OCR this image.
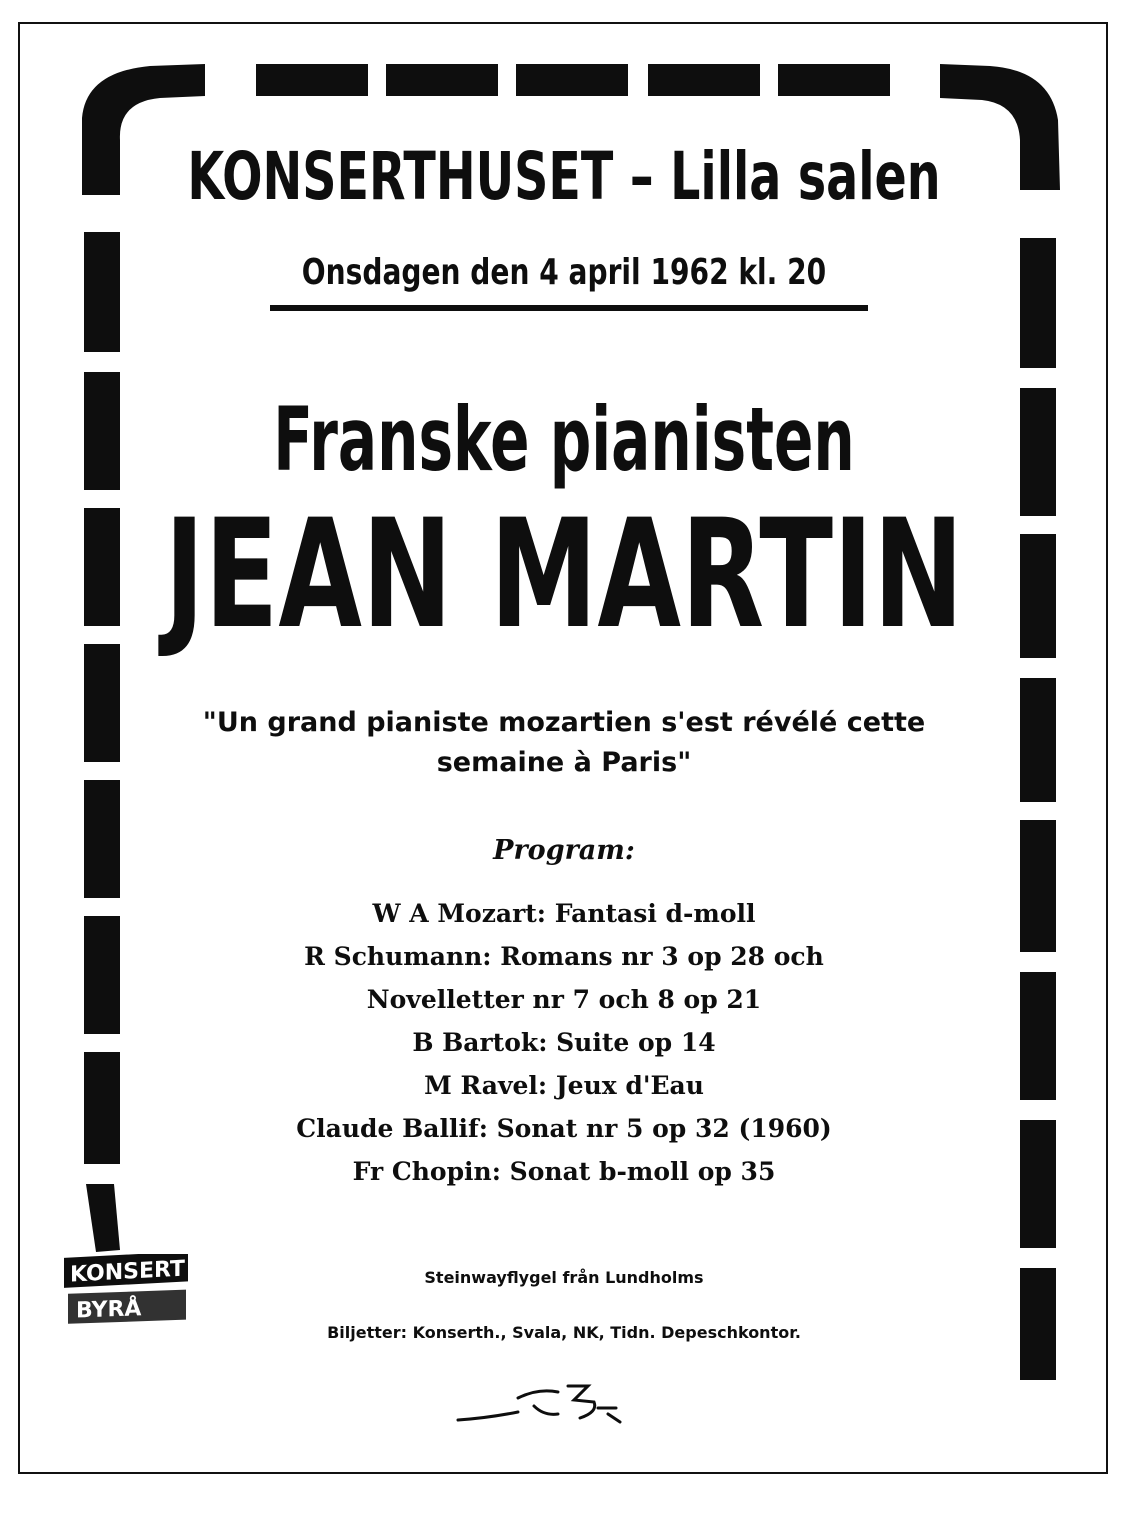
KONSERTHUSET – Lilla salen
Onsdagen den 4 april 1962 kl. 20
Franske pianisten
JEAN MARTIN
"Un grand pianiste mozartien s'est révélé cette
semaine à Paris"
Program:
W A Mozart: Fantasi d-moll
R Schumann: Romans nr 3 op 28 och
Novelletter nr 7 och 8 op 21
B Bartok: Suite op 14
M Ravel: Jeux d'Eau
Claude Ballif: Sonat nr 5 op 32 (1960)
Fr Chopin: Sonat b-moll op 35
Steinwayflygel från Lundholms
Biljetter: Konserth., Svala, NK, Tidn. Depeschkontor.
KONSERT
BYRÅ
